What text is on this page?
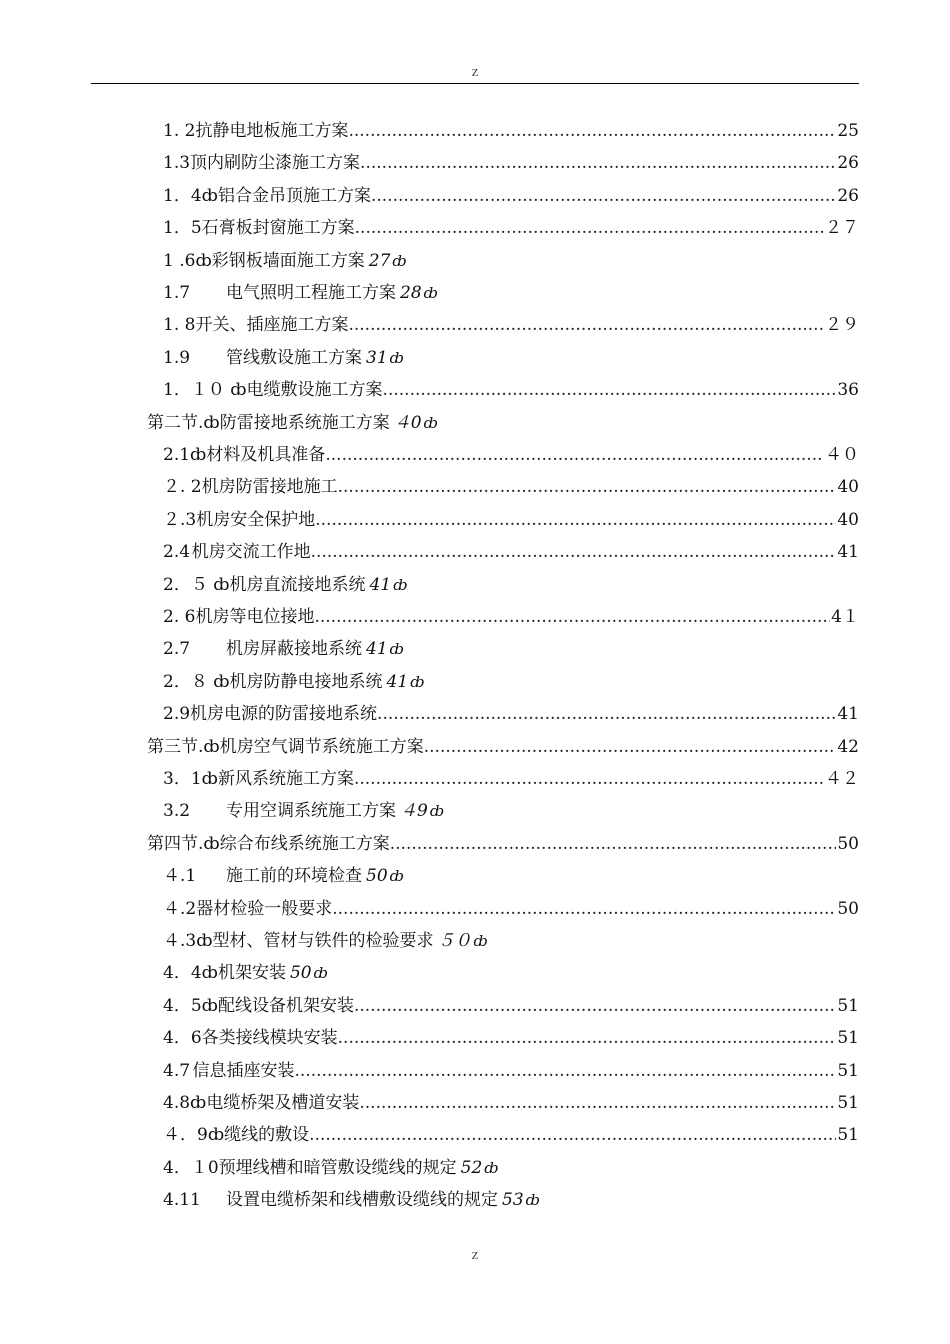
Z
1. 2 抗静电地板施工方案 .....	25
1.3 顶内刷防尘漆施工方案 .....	26
1．4ȸ 铝合金吊顶施工方案 .....	26
1．5 石膏板封窗施工方案 .....	２７
1 .6ȸ 彩钢板墙面施工方案 27 ȸ
1.7	电气照明工程施工方案 28 ȸ
1. 8 开关、插座施工方案 .....	２９
1.9	管线敷设施工方案 31 ȸ
1．１０ ȸ 电缆敷设施工方案 .....	36
第二节.ȸ 防雷接地系统施工方案 ４0 ȸ
2.1ȸ 材料及机具准备 .....	４０
２. 2 机房防雷接地施工 .....	40
２.3 机房安全保护地 .....	40
2.4 机房交流工作地 .....	41
2．５ ȸ 机房直流接地系统 41 ȸ
2. 6 机房等电位接地 .....	4１
2.7	机房屏蔽接地系统 41 ȸ
2．８ ȸ 机房防静电接地系统 41 ȸ
2.9 机房电源的防雷接地系统 .....	41
第三节.ȸ 机房空气调节系统施工方案 .....	42
3．1ȸ 新风系统施工方案 .....	４２
3.2	专用空调系统施工方案 ４9 ȸ
第四节.ȸ 综合布线系统施工方案 .....	50
４.1	施工前的环境检查 50 ȸ
４.2 器材检验一般要求 .....	50
４.3ȸ 型材、管材与铁件的检验要求 ５０ ȸ
4．4ȸ 机架安装 50 ȸ
4．5ȸ 配线设备机架安装 .....	51
4．6 各类接线模块安装 .....	51
4.7 信息插座安装 .....	51
4.8ȸ 电缆桥架及槽道安装 .....	51
４．9ȸ 缆线的敷设 .....	51
4．１0 预埋线槽和暗管敷设缆线的规定 52 ȸ
4.11	设置电缆桥架和线槽敷设缆线的规定 53 ȸ
Z
